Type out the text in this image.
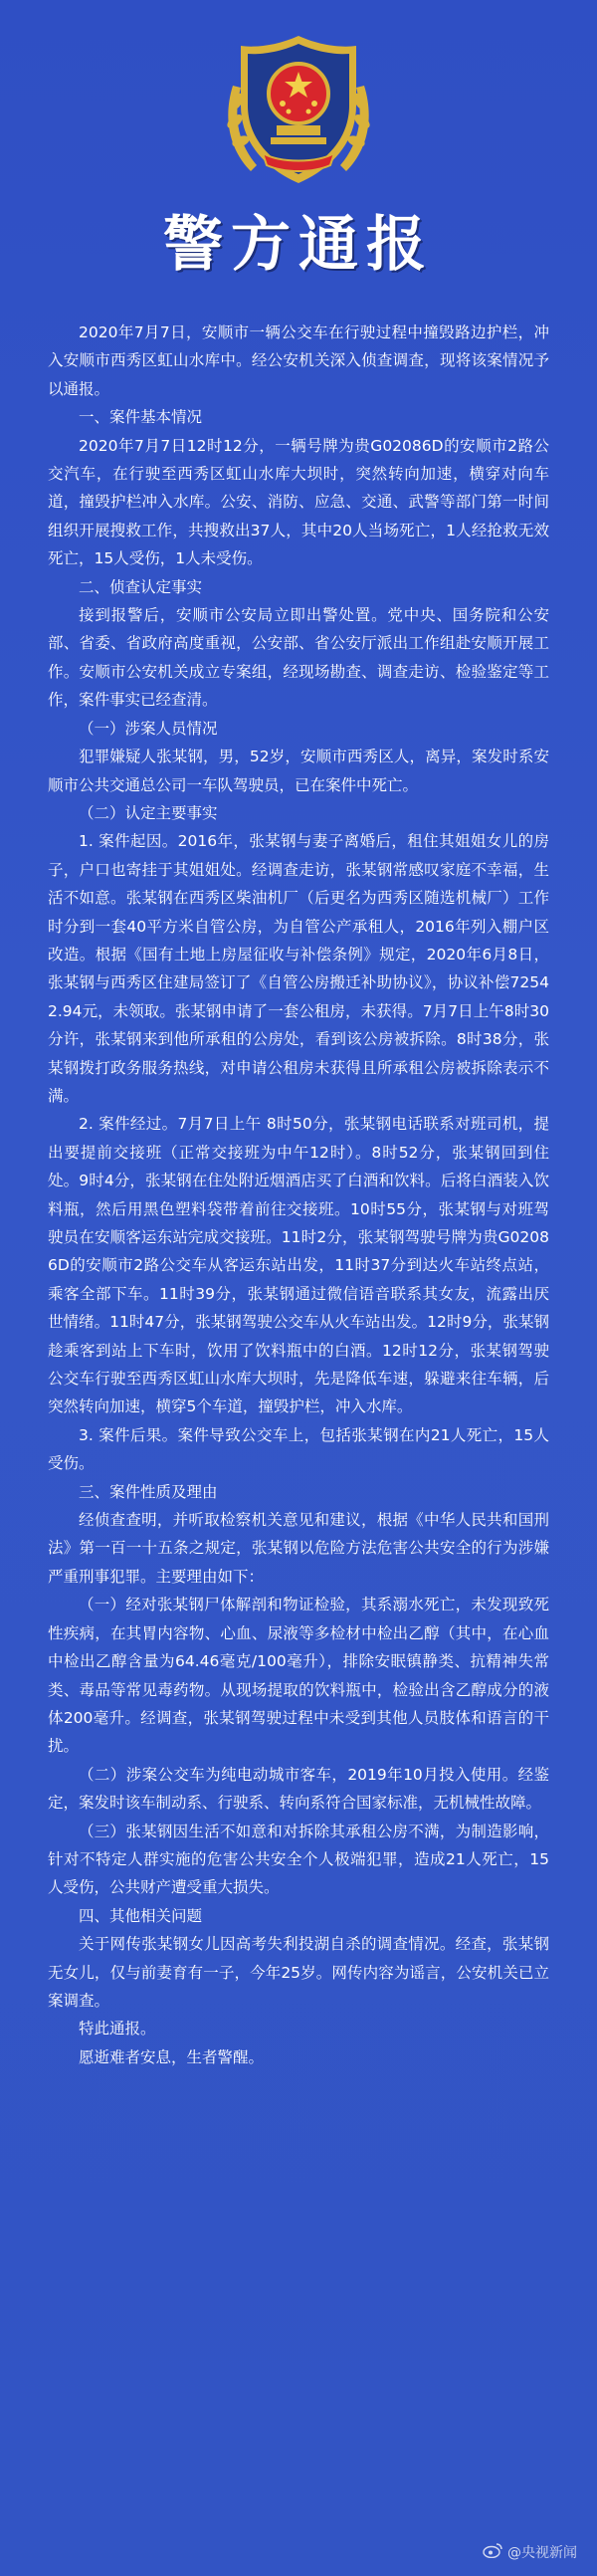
警方通报

2020年7月7日，安顺市一辆公交车在行驶过程中撞毁路边护栏，冲入安顺市西秀区虹山水库中。经公安机关深入侦查调查，现将该案情况予以通报。

一、案件基本情况

2020年7月7日12时12分，一辆号牌为贵G02086D的安顺市2路公交汽车，在行驶至西秀区虹山水库大坝时，突然转向加速，横穿对向车道，撞毁护栏冲入水库。公安、消防、应急、交通、武警等部门第一时间组织开展搜救工作，共搜救出37人，其中20人当场死亡，1人经抢救无效死亡，15人受伤，1人未受伤。

二、侦查认定事实

接到报警后，安顺市公安局立即出警处置。党中央、国务院和公安部、省委、省政府高度重视，公安部、省公安厅派出工作组赴安顺开展工作。安顺市公安机关成立专案组，经现场勘查、调查走访、检验鉴定等工作，案件事实已经查清。

（一）涉案人员情况

犯罪嫌疑人张某钢，男，52岁，安顺市西秀区人，离异，案发时系安顺市公共交通总公司一车队驾驶员，已在案件中死亡。

（二）认定主要事实

1. 案件起因。2016年，张某钢与妻子离婚后，租住其姐姐女儿的房子，户口也寄挂于其姐姐处。经调查走访，张某钢常感叹家庭不幸福，生活不如意。张某钢在西秀区柴油机厂（后更名为西秀区随选机械厂）工作时分到一套40平方米自管公房，为自管公产承租人，2016年列入棚户区改造。根据《国有土地上房屋征收与补偿条例》规定，2020年6月8日，张某钢与西秀区住建局签订了《自管公房搬迁补助协议》，协议补偿72542.94元，未领取。张某钢申请了一套公租房，未获得。7月7日上午8时30分许，张某钢来到他所承租的公房处，看到该公房被拆除。8时38分，张某钢拨打政务服务热线，对申请公租房未获得且所承租公房被拆除表示不满。

2. 案件经过。7月7日上午 8时50分，张某钢电话联系对班司机，提出要提前交接班（正常交接班为中午12时）。8时52分，张某钢回到住处。9时4分，张某钢在住处附近烟酒店买了白酒和饮料。后将白酒装入饮料瓶，然后用黑色塑料袋带着前往交接班。10时55分，张某钢与对班驾驶员在安顺客运东站完成交接班。11时2分，张某钢驾驶号牌为贵G02086D的安顺市2路公交车从客运东站出发，11时37分到达火车站终点站，乘客全部下车。11时39分，张某钢通过微信语音联系其女友，流露出厌世情绪。11时47分，张某钢驾驶公交车从火车站出发。12时9分，张某钢趁乘客到站上下车时，饮用了饮料瓶中的白酒。12时12分，张某钢驾驶公交车行驶至西秀区虹山水库大坝时，先是降低车速，躲避来往车辆，后突然转向加速，横穿5个车道，撞毁护栏，冲入水库。

3. 案件后果。案件导致公交车上，包括张某钢在内21人死亡，15人受伤。

三、案件性质及理由

经侦查查明，并听取检察机关意见和建议，根据《中华人民共和国刑法》第一百一十五条之规定，张某钢以危险方法危害公共安全的行为涉嫌严重刑事犯罪。主要理由如下：

（一）经对张某钢尸体解剖和物证检验，其系溺水死亡，未发现致死性疾病，在其胃内容物、心血、尿液等多检材中检出乙醇（其中，在心血中检出乙醇含量为64.46毫克/100毫升），排除安眠镇静类、抗精神失常类、毒品等常见毒药物。从现场提取的饮料瓶中，检验出含乙醇成分的液体200毫升。经调查，张某钢驾驶过程中未受到其他人员肢体和语言的干扰。

（二）涉案公交车为纯电动城市客车，2019年10月投入使用。经鉴定，案发时该车制动系、行驶系、转向系符合国家标准，无机械性故障。

（三）张某钢因生活不如意和对拆除其承租公房不满，为制造影响，针对不特定人群实施的危害公共安全个人极端犯罪，造成21人死亡，15人受伤，公共财产遭受重大损失。

四、其他相关问题

关于网传张某钢女儿因高考失利投湖自杀的调查情况。经查，张某钢无女儿，仅与前妻育有一子，今年25岁。网传内容为谣言，公安机关已立案调查。

特此通报。

愿逝难者安息，生者警醒。

@央视新闻
